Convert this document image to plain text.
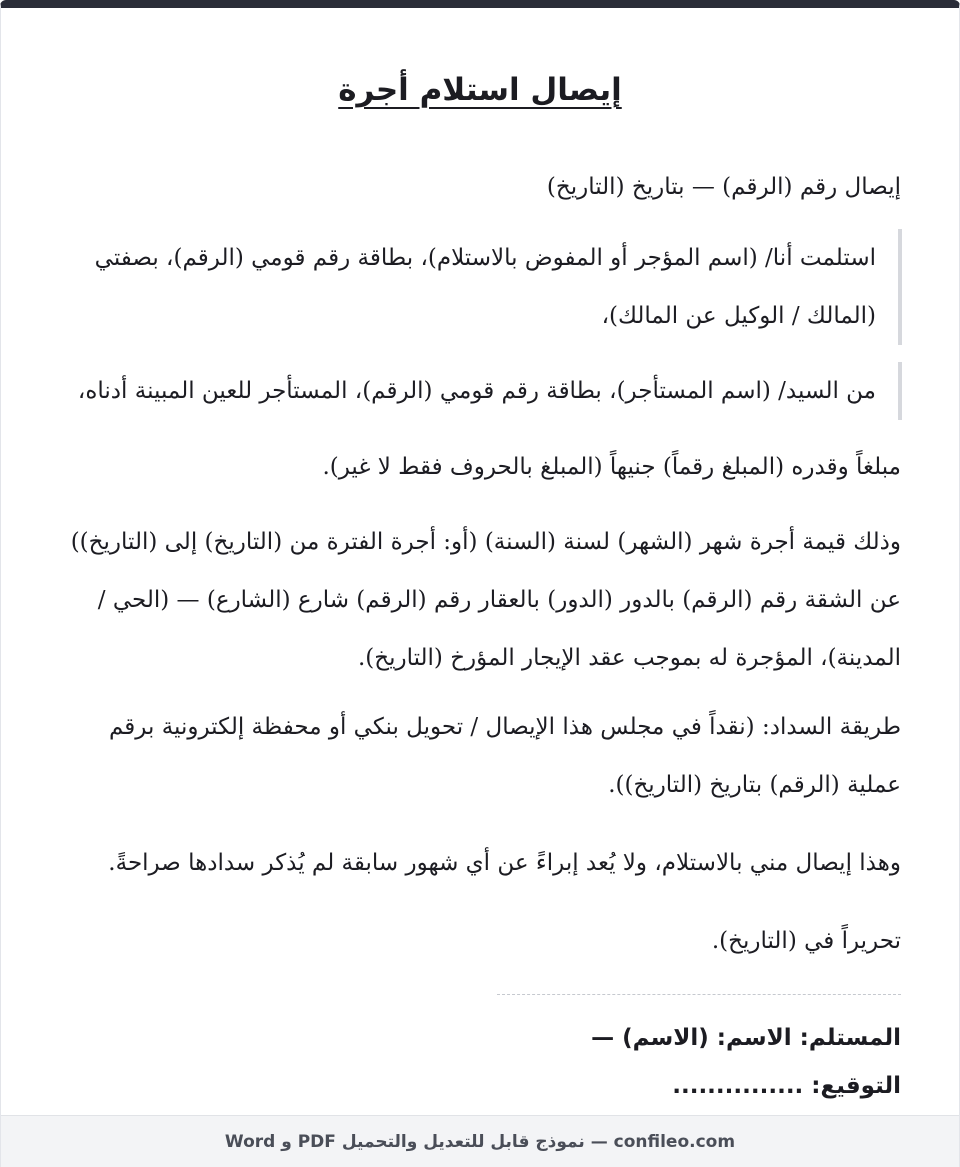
إيصال استلام أجرة

إيصال رقم (الرقم) — بتاريخ (التاريخ)

استلمت أنا/ (اسم المؤجر أو المفوض بالاستلام)، بطاقة رقم قومي (الرقم)، بصفتي (المالك / الوكيل عن المالك)،

من السيد/ (اسم المستأجر)، بطاقة رقم قومي (الرقم)، المستأجر للعين المبينة أدناه،

مبلغاً وقدره (المبلغ رقماً) جنيهاً (المبلغ بالحروف فقط لا غير).

وذلك قيمة أجرة شهر (الشهر) لسنة (السنة) (أو: أجرة الفترة من (التاريخ) إلى (التاريخ)) عن الشقة رقم (الرقم) بالدور (الدور) بالعقار رقم (الرقم) شارع (الشارع) — (الحي / المدينة)، المؤجرة له بموجب عقد الإيجار المؤرخ (التاريخ).

طريقة السداد: (نقداً في مجلس هذا الإيصال / تحويل بنكي أو محفظة إلكترونية برقم عملية (الرقم) بتاريخ (التاريخ)).

وهذا إيصال مني بالاستلام، ولا يُعد إبراءً عن أي شهور سابقة لم يُذكر سدادها صراحةً.

تحريراً في (التاريخ).

المستلم: الاسم: (الاسم) — التوقيع: ...............

confileo.com — نموذج قابل للتعديل والتحميل PDF و Word
